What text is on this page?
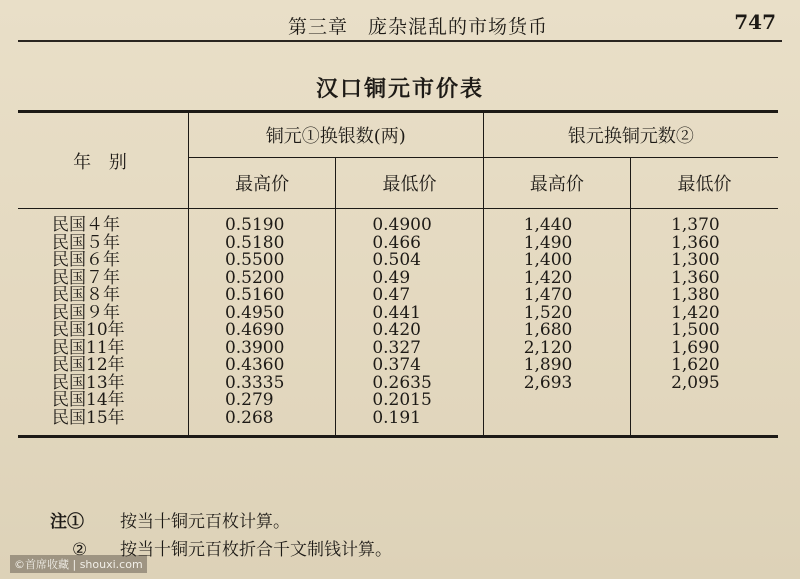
第三章　庞杂混乱的市场货币	747
汉口铜元市价表
年 别	铜元①换银数(两)		银元换铜元数②	
	最高价	最低价	最高价	最低价
民国４年	0.5190	0.4900	1,440	1,370
民国５年	0.5180	0.466	1,490	1,360
民国６年	0.5500	0.504	1,400	1,300
民国７年	0.5200	0.49	1,420	1,360
民国８年	0.5160	0.47	1,470	1,380
民国９年	0.4950	0.441	1,520	1,420
民国10年	0.4690	0.420	1,680	1,500
民国11年	0.3900	0.327	2,120	1,690
民国12年	0.4360	0.374	1,890	1,620
民国13年	0.3335	0.2635	2,693	2,095
民国14年	0.279	0.2015		
民国15年	0.268	0.191		
注①	按当十铜元百枚计算。
②	按当十铜元百枚折合千文制钱计算。
©首席收藏 | shouxi.com
